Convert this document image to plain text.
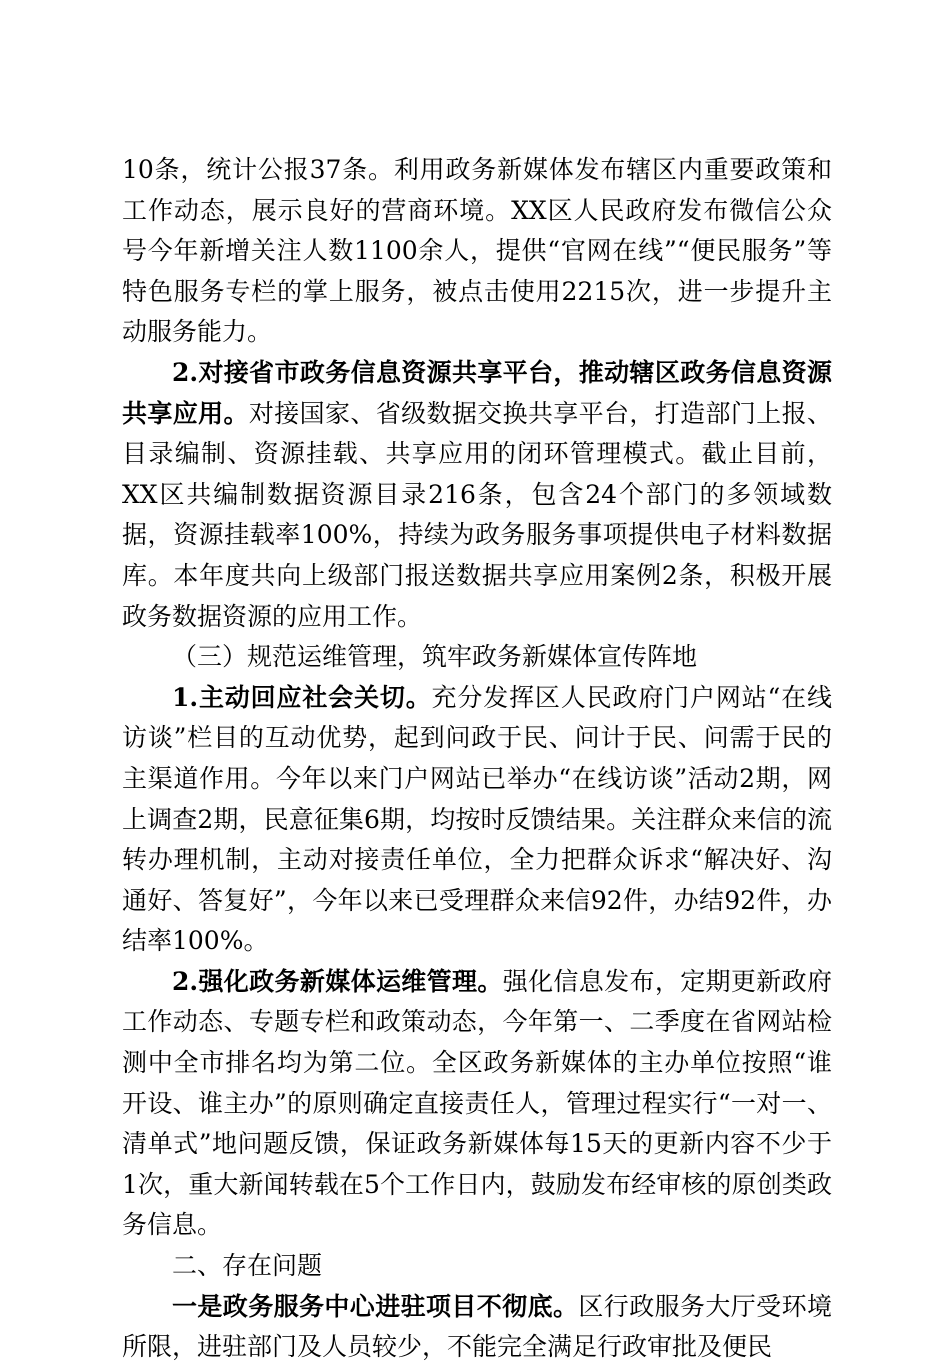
10条，统计公报37条。利用政务新媒体发布辖区内重要政策和工作动态，展示良好的营商环境。XX区人民政府发布微信公众号今年新增关注人数1100余人，提供“官网在线”“便民服务”等特色服务专栏的掌上服务，被点击使用2215次，进一步提升主动服务能力。

2.对接省市政务信息资源共享平台，推动辖区政务信息资源共享应用。对接国家、省级数据交换共享平台，打造部门上报、目录编制、资源挂载、共享应用的闭环管理模式。截止目前，XX区共编制数据资源目录216条，包含24个部门的多领域数据，资源挂载率100%，持续为政务服务事项提供电子材料数据库。本年度共向上级部门报送数据共享应用案例2条，积极开展政务数据资源的应用工作。

（三）规范运维管理，筑牢政务新媒体宣传阵地

1.主动回应社会关切。充分发挥区人民政府门户网站“在线访谈”栏目的互动优势，起到问政于民、问计于民、问需于民的主渠道作用。今年以来门户网站已举办“在线访谈”活动2期，网上调查2期，民意征集6期，均按时反馈结果。关注群众来信的流转办理机制，主动对接责任单位，全力把群众诉求“解决好、沟通好、答复好”，今年以来已受理群众来信92件，办结92件，办结率100%。

2.强化政务新媒体运维管理。强化信息发布，定期更新政府工作动态、专题专栏和政策动态，今年第一、二季度在省网站检测中全市排名均为第二位。全区政务新媒体的主办单位按照“谁开设、谁主办”的原则确定直接责任人，管理过程实行“一对一、清单式”地问题反馈，保证政务新媒体每15天的更新内容不少于1次，重大新闻转载在5个工作日内，鼓励发布经审核的原创类政务信息。

二、存在问题

一是政务服务中心进驻项目不彻底。区行政服务大厅受环境所限，进驻部门及人员较少，不能完全满足行政审批及便民
